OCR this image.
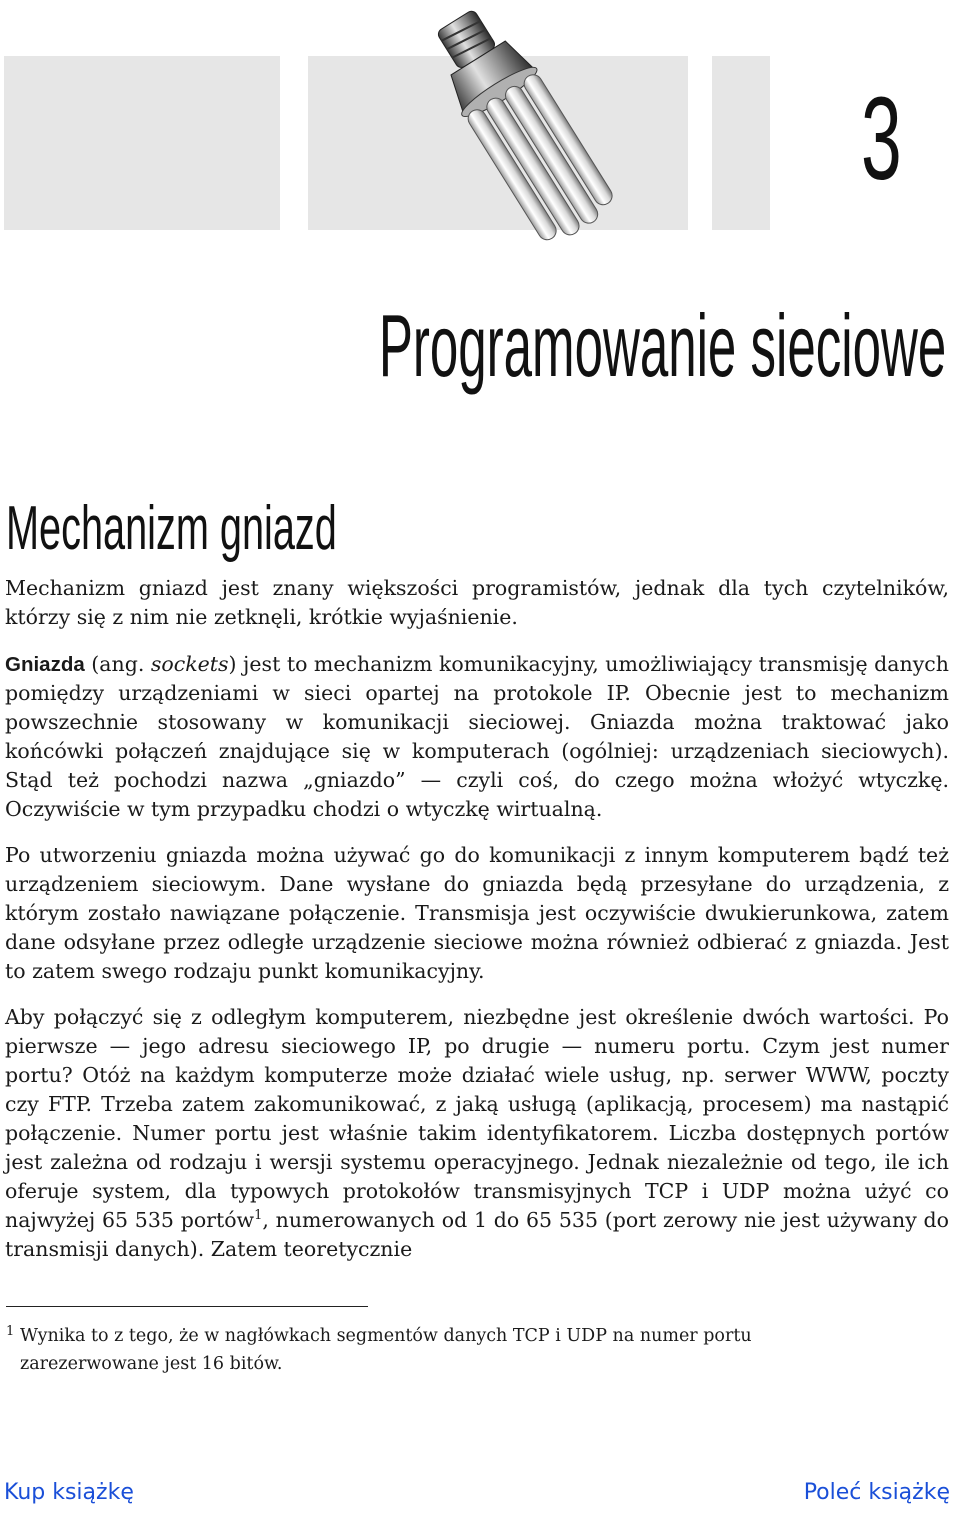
3
Programowanie sieciowe
Mechanizm gniazd

Mechanizm gniazd jest znany większości programistów, jednak dla tych czytelników, którzy się z nim nie zetknęli, krótkie wyjaśnienie.

Gniazda (ang. sockets) jest to mechanizm komunikacyjny, umożliwiający transmisję danych pomiędzy urządzeniami w sieci opartej na protokole IP. Obecnie jest to mechanizm powszechnie stosowany w komunikacji sieciowej. Gniazda można traktować jako końcówki połączeń znajdujące się w komputerach (ogólniej: urządzeniach sieciowych). Stąd też pochodzi nazwa „gniazdo” — czyli coś, do czego można włożyć wtyczkę. Oczywiście w tym przypadku chodzi o wtyczkę wirtualną.

Po utworzeniu gniazda można używać go do komunikacji z innym komputerem bądź też urządzeniem sieciowym. Dane wysłane do gniazda będą przesyłane do urządzenia, z którym zostało nawiązane połączenie. Transmisja jest oczywiście dwukierunkowa, zatem dane odsyłane przez odległe urządzenie sieciowe można również odbierać z gniazda. Jest to zatem swego rodzaju punkt komunikacyjny.

Aby połączyć się z odległym komputerem, niezbędne jest określenie dwóch wartości. Po pierwsze — jego adresu sieciowego IP, po drugie — numeru portu. Czym jest numer portu? Otóż na każdym komputerze może działać wiele usług, np. serwer WWW, poczty czy FTP. Trzeba zatem zakomunikować, z jaką usługą (aplikacją, procesem) ma nastąpić połączenie. Numer portu jest właśnie takim identyfikatorem. Liczba dostępnych portów jest zależna od rodzaju i wersji systemu operacyjnego. Jednak niezależnie od tego, ile ich oferuje system, dla typowych protokołów transmisyjnych TCP i UDP można użyć co najwyżej 65 535 portów$^1$, numerowanych od 1 do 65 535 (port zerowy nie jest używany do transmisji danych). Zatem teoretycznie

1 Wynika to z tego, że w nagłówkach segmentów danych TCP i UDP na numer portu zarezerwowane jest 16 bitów.
Kup książkę	Poleć książkę
